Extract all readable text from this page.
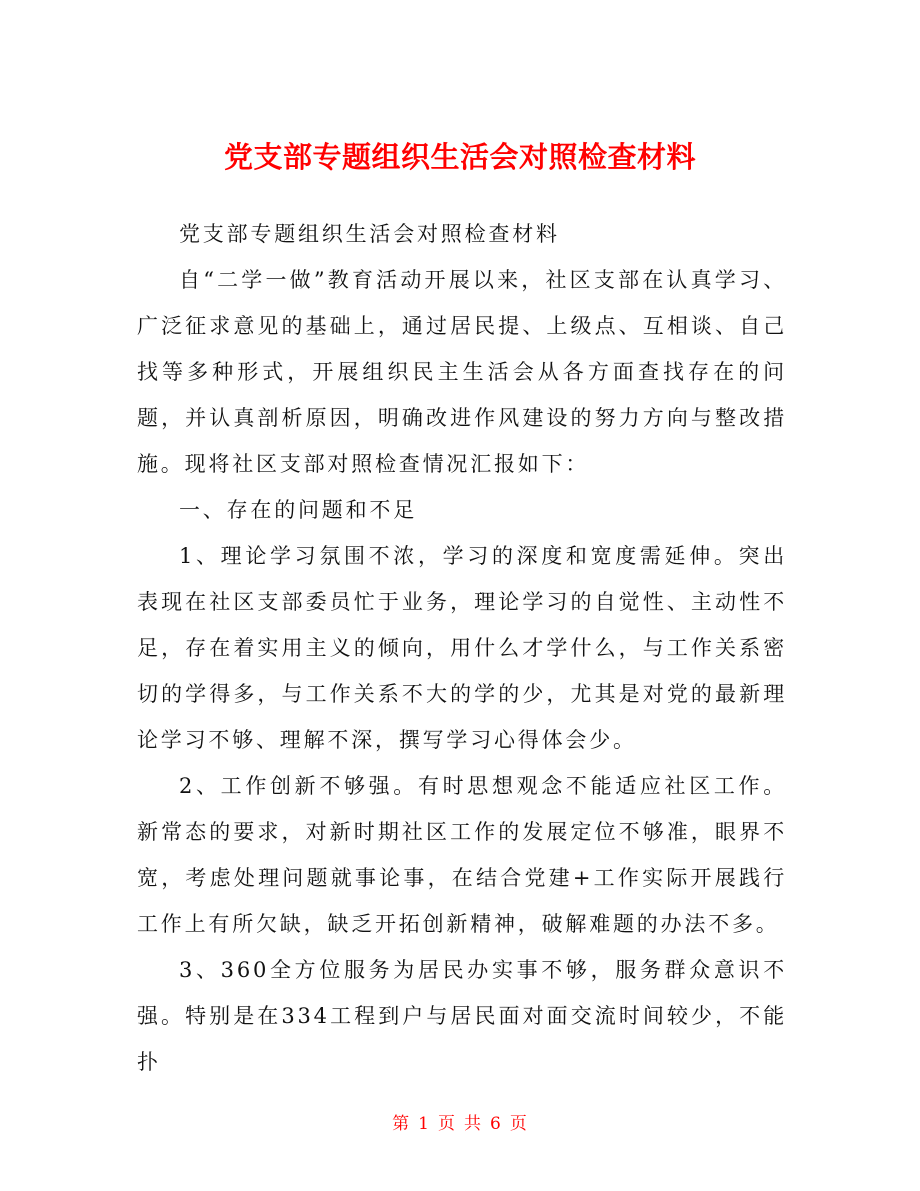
党支部专题组织生活会对照检查材料

党支部专题组织生活会对照检查材料

自“二学一做”教育活动开展以来，社区支部在认真学习、广泛征求意见的基础上，通过居民提、上级点、互相谈、自己找等多种形式，开展组织民主生活会从各方面查找存在的问题，并认真剖析原因，明确改进作风建设的努力方向与整改措施。现将社区支部对照检查情况汇报如下：

一、存在的问题和不足

1、理论学习氛围不浓，学习的深度和宽度需延伸。突出表现在社区支部委员忙于业务，理论学习的自觉性、主动性不足，存在着实用主义的倾向，用什么才学什么，与工作关系密切的学得多，与工作关系不大的学的少，尤其是对党的最新理论学习不够、理解不深，撰写学习心得体会少。

2、工作创新不够强。有时思想观念不能适应社区工作。新常态的要求，对新时期社区工作的发展定位不够准，眼界不宽，考虑处理问题就事论事，在结合党建+工作实际开展践行工作上有所欠缺，缺乏开拓创新精神，破解难题的办法不多。

3、360全方位服务为居民办实事不够，服务群众意识不强。特别是在334工程到户与居民面对面交流时间较少，不能扑

第 1 页 共 6 页
